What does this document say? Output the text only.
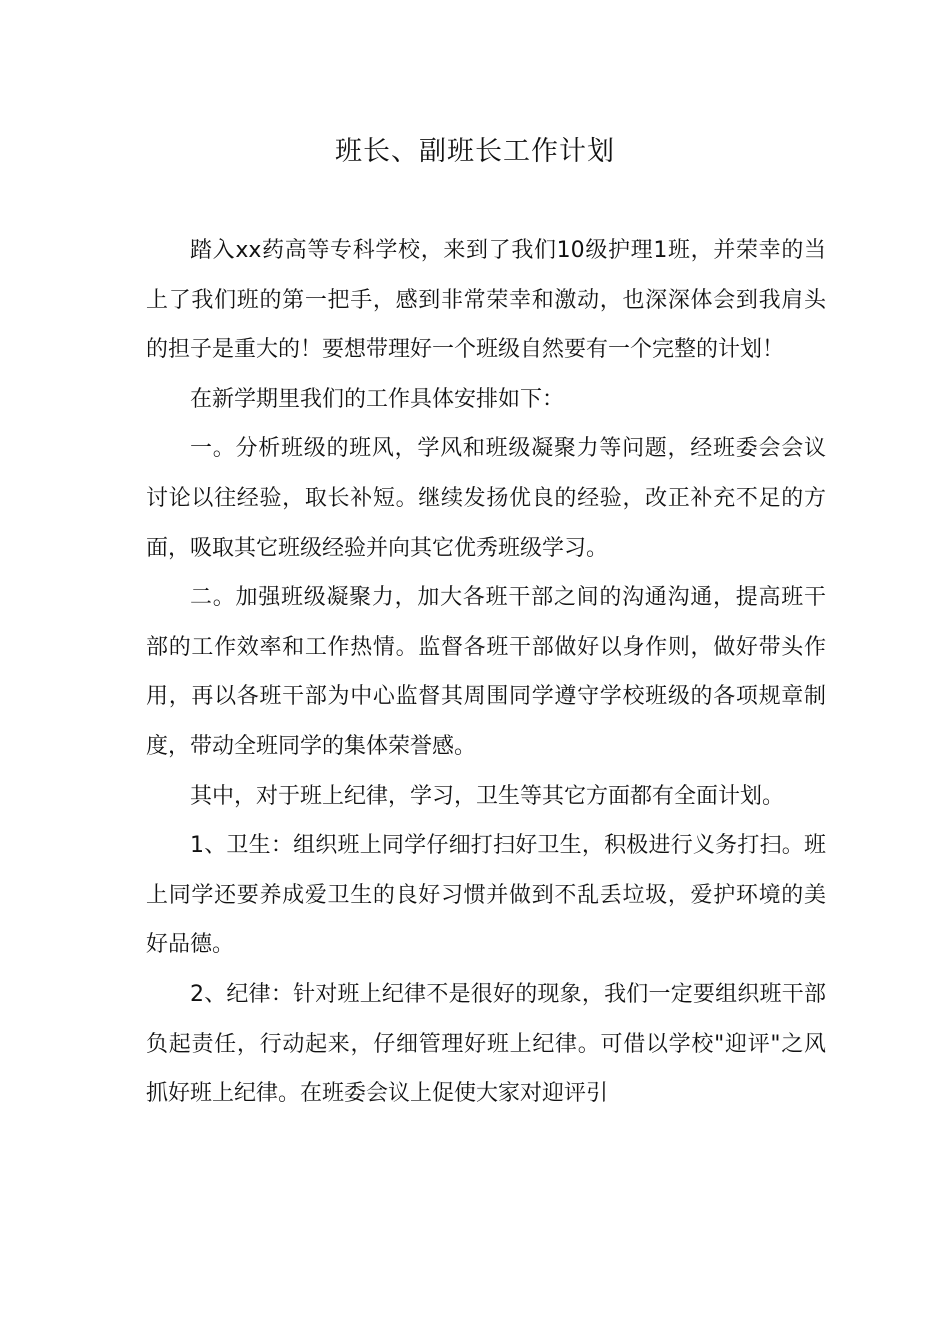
班长、副班长工作计划

踏入xx药高等专科学校，来到了我们10级护理1班，并荣幸的当上了我们班的第一把手，感到非常荣幸和激动，也深深体会到我肩头的担子是重大的！要想带理好一个班级自然要有一个完整的计划！

在新学期里我们的工作具体安排如下：

一。分析班级的班风，学风和班级凝聚力等问题，经班委会会议讨论以往经验，取长补短。继续发扬优良的经验，改正补充不足的方面，吸取其它班级经验并向其它优秀班级学习。

二。加强班级凝聚力，加大各班干部之间的沟通沟通，提高班干部的工作效率和工作热情。监督各班干部做好以身作则，做好带头作用，再以各班干部为中心监督其周围同学遵守学校班级的各项规章制度，带动全班同学的集体荣誉感。

其中，对于班上纪律，学习，卫生等其它方面都有全面计划。

1、卫生：组织班上同学仔细打扫好卫生，积极进行义务打扫。班上同学还要养成爱卫生的良好习惯并做到不乱丢垃圾，爱护环境的美好品德。

2、纪律：针对班上纪律不是很好的现象，我们一定要组织班干部负起责任，行动起来，仔细管理好班上纪律。可借以学校"迎评"之风抓好班上纪律。在班委会议上促使大家对迎评引
